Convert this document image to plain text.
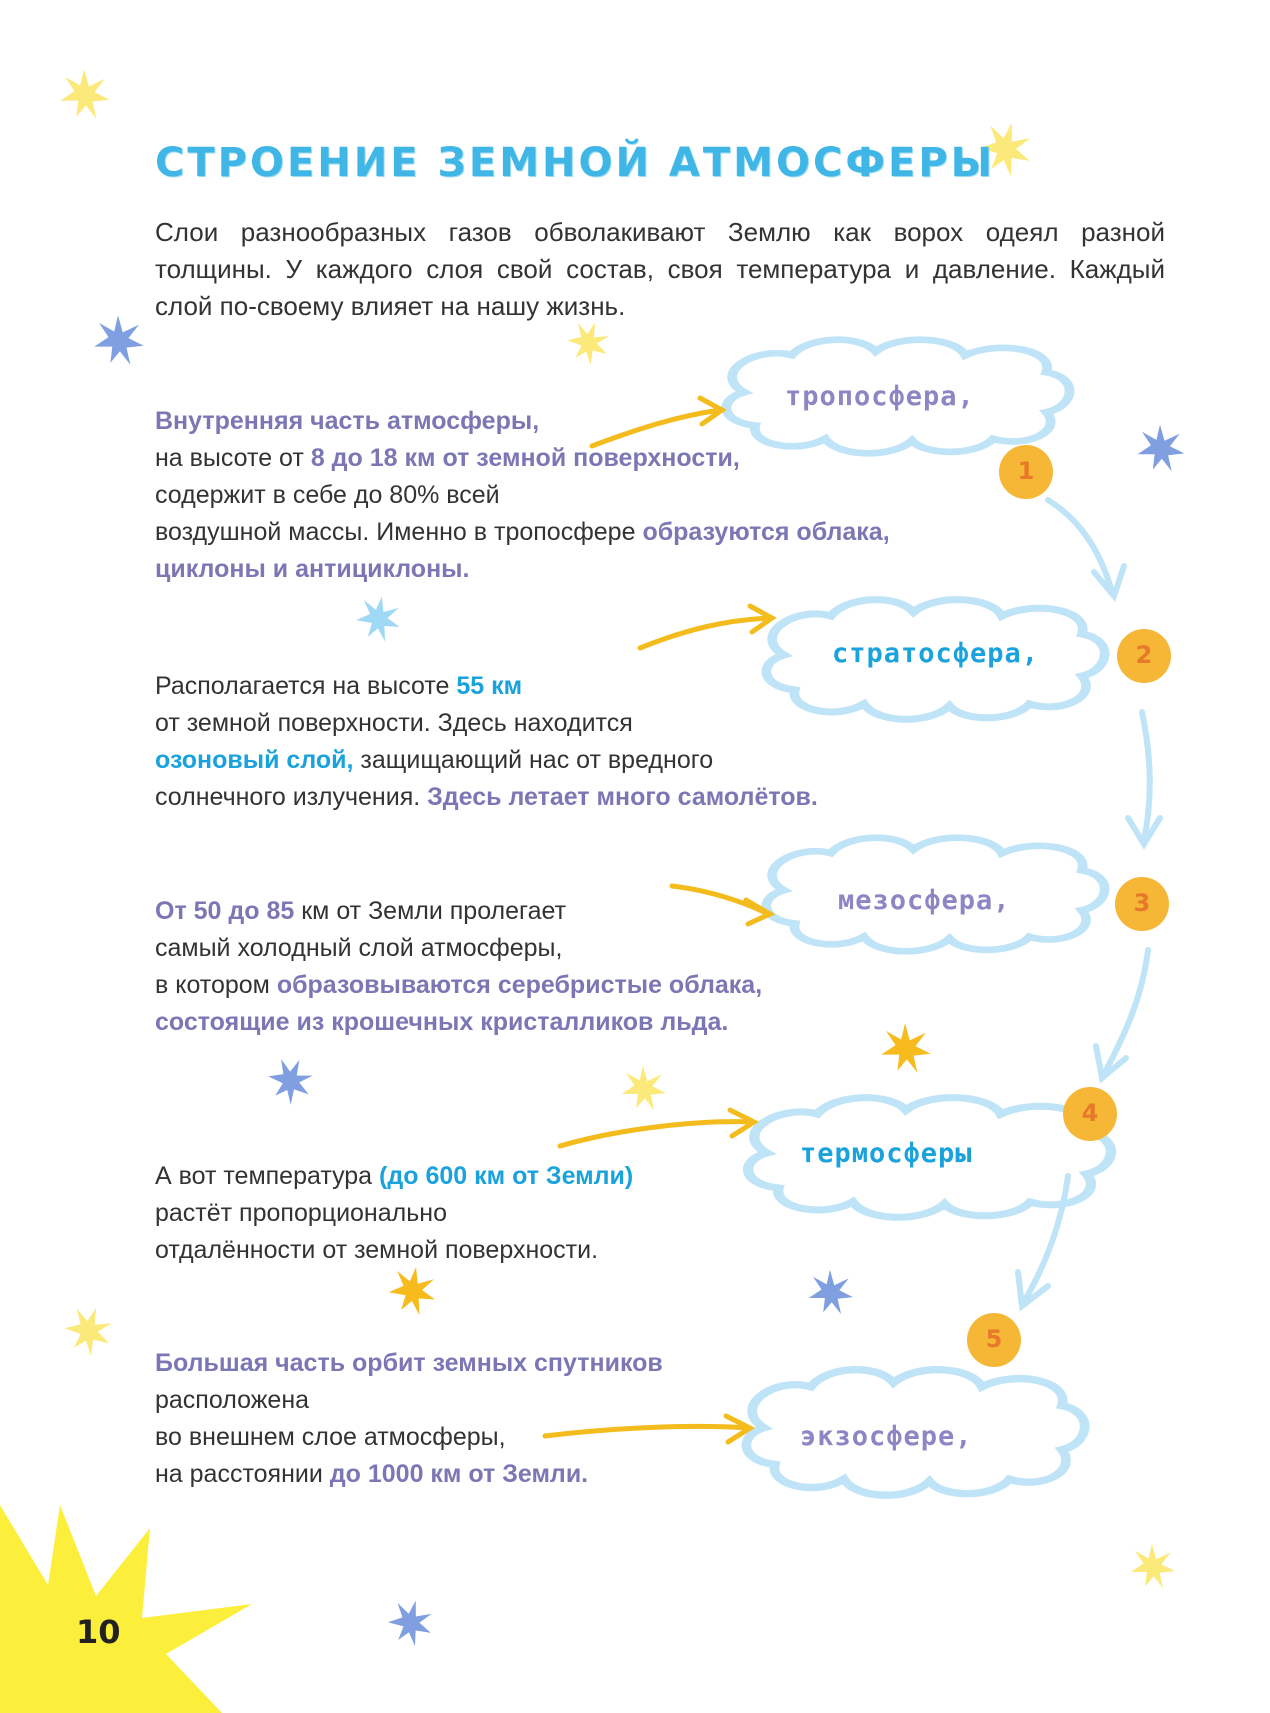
СТРОЕНИЕ ЗЕМНОЙ АТМОСФЕРЫ

Слои разнообразных газов обволакивают Землю как ворох одеял разной толщины. У каждого слоя свой состав, своя температура и давление. Каждый слой по-своему влияет на нашу жизнь.

Внутренняя часть атмосферы,
на высоте от 8 до 18 км от земной поверхности,
содержит в себе до 80% всей
воздушной массы. Именно в тропосфере образуются облака,
циклоны и антициклоны.

Располагается на высоте 55 км
от земной поверхности. Здесь находится
озоновый слой, защищающий нас от вредного
солнечного излучения. Здесь летает много самолётов.

От 50 до 85 км от Земли пролегает
самый холодный слой атмосферы,
в котором образовываются серебристые облака,
состоящие из крошечных кристалликов льда.

А вот температура (до 600 км от Земли)
растёт пропорционально
отдалённости от земной поверхности.

Большая часть орбит земных спутников
расположена
во внешнем слое атмосферы,
на расстоянии до 1000 км от Земли.

тропосфера,
стратосфера,
мезосфера,
термосферы
экзосфере,
1
2
3
4
5
10
